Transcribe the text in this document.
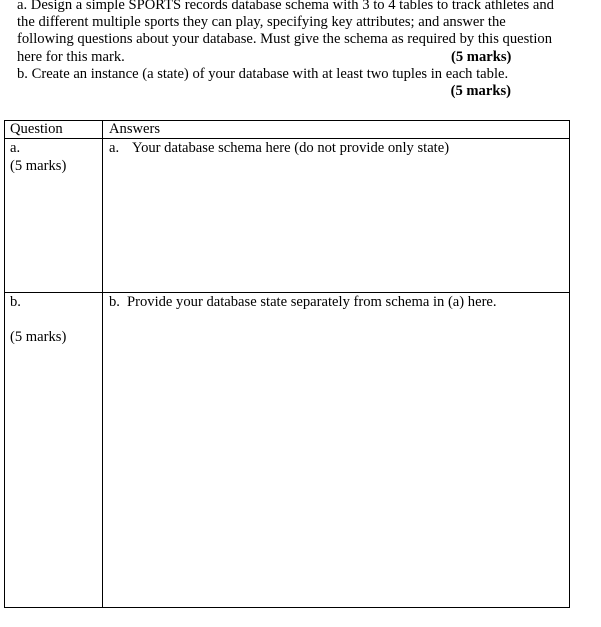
a. Design a simple SPORTS records database schema with 3 to 4 tables to track athletes and
the different multiple sports they can play, specifying key attributes; and answer the
following questions about your database. Must give the schema as required by this question
here for this mark.	(5 marks)
b. Create an instance (a state) of your database with at least two tuples in each table.
(5 marks)
Question	Answers
a.
(5 marks)
a. Your database schema here (do not provide only state)
b.
(5 marks)
b. Provide your database state separately from schema in (a) here.
